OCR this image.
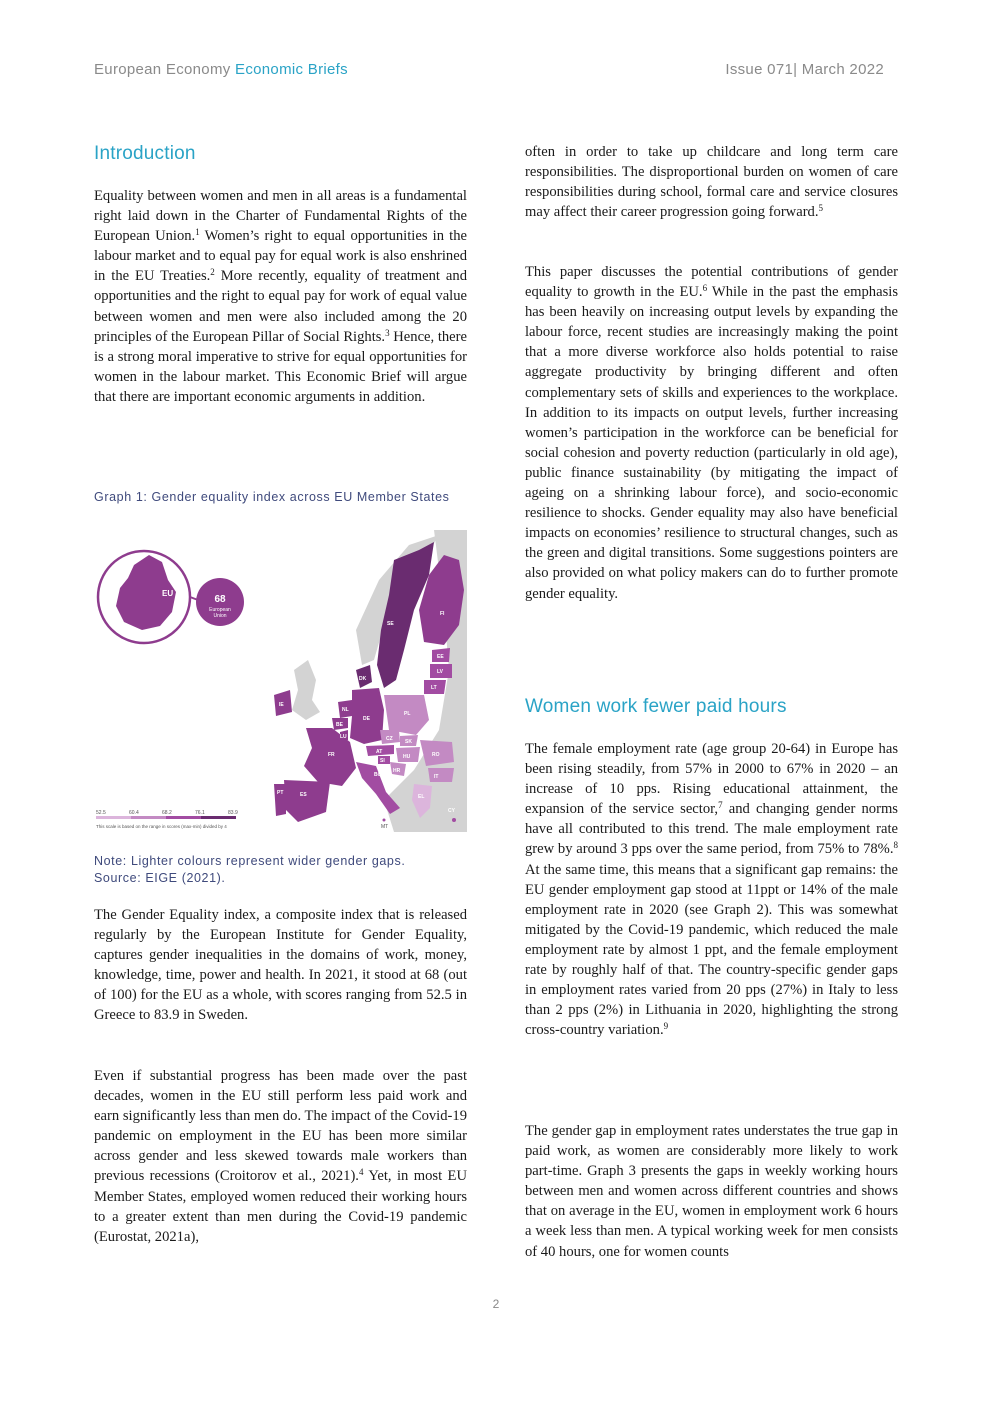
European Economy Economic Briefs	Issue 071| March 2022
Introduction

Equality between women and men in all areas is a fundamental right laid down in the Charter of Fundamental Rights of the European Union.$^1$ Women’s right to equal opportunities in the labour market and to equal pay for equal work is also enshrined in the EU Treaties.$^2$ More recently, equality of treatment and opportunities and the right to equal pay for work of equal value between women and men were also included among the 20 principles of the European Pillar of Social Rights.$^3$ Hence, there is a strong moral imperative to strive for equal opportunities for women in the labour market. This Economic Brief will argue that there are important economic arguments in addition.

Graph 1: Gender equality index across EU Member States

SE
FI
EE
LV
LT
DK
IE
NL
BE
LU
DE
PL
CZ SK
AT
HU
FR
SI
HR
RO
IT
BG
PT	ES	EL
MT
CY
EU
68
European
Union
52.5	60.4	68.2	76.1	83.9
This scale is based on the range in scores (max-min) divided by 4

Note: Lighter colours represent wider gender gaps.

Source: EIGE (2021).

The Gender Equality index, a composite index that is released regularly by the European Institute for Gender Equality, captures gender inequalities in the domains of work, money, knowledge, time, power and health. In 2021, it stood at 68 (out of 100) for the EU as a whole, with scores ranging from 52.5 in Greece to 83.9 in Sweden.

Even if substantial progress has been made over the past decades, women in the EU still perform less paid work and earn significantly less than men do. The impact of the Covid-19 pandemic on employment in the EU has been more similar across gender and less skewed towards male workers than previous recessions (Croitorov et al., 2021).$^4$ Yet, in most EU Member States, employed women reduced their working hours to a greater extent than men during the Covid-19 pandemic (Eurostat, 2021a),

often in order to take up childcare and long term care responsibilities. The disproportional burden on women of care responsibilities during school, formal care and service closures may affect their career progression going forward.$^5$

This paper discusses the potential contributions of gender equality to growth in the EU.$^6$ While in the past the emphasis has been heavily on increasing output levels by expanding the labour force, recent studies are increasingly making the point that a more diverse workforce also holds potential to raise aggregate productivity by bringing different and often complementary sets of skills and experiences to the workplace. In addition to its impacts on output levels, further increasing women’s participation in the workforce can be beneficial for social cohesion and poverty reduction (particularly in old age), public finance sustainability (by mitigating the impact of ageing on a shrinking labour force), and socio-economic resilience to shocks. Gender equality may also have beneficial impacts on economies’ resilience to structural changes, such as the green and digital transitions. Some suggestions pointers are also provided on what policy makers can do to further promote gender equality.

Women work fewer paid hours

The female employment rate (age group 20-64) in Europe has been rising steadily, from 57% in 2000 to 67% in 2020 – an increase of 10 pps. Rising educational attainment, the expansion of the service sector,$^7$ and changing gender norms have all contributed to this trend. The male employment rate grew by around 3 pps over the same period, from 75% to 78%.$^8$ At the same time, this means that a significant gap remains: the EU gender employment gap stood at 11ppt or 14% of the male employment rate in 2020 (see Graph 2). This was somewhat mitigated by the Covid-19 pandemic, which reduced the male employment rate by almost 1 ppt, and the female employment rate by roughly half of that. The country-specific gender gaps in employment rates varied from 20 pps (27%) in Italy to less than 2 pps (2%) in Lithuania in 2020, highlighting the strong cross-country variation.$^9$

The gender gap in employment rates understates the true gap in paid work, as women are considerably more likely to work part-time. Graph 3 presents the gaps in weekly working hours between men and women across different countries and shows that on average in the EU, women in employment work 6 hours a week less than men. A typical working week for men consists of 40 hours, one for women counts

2
